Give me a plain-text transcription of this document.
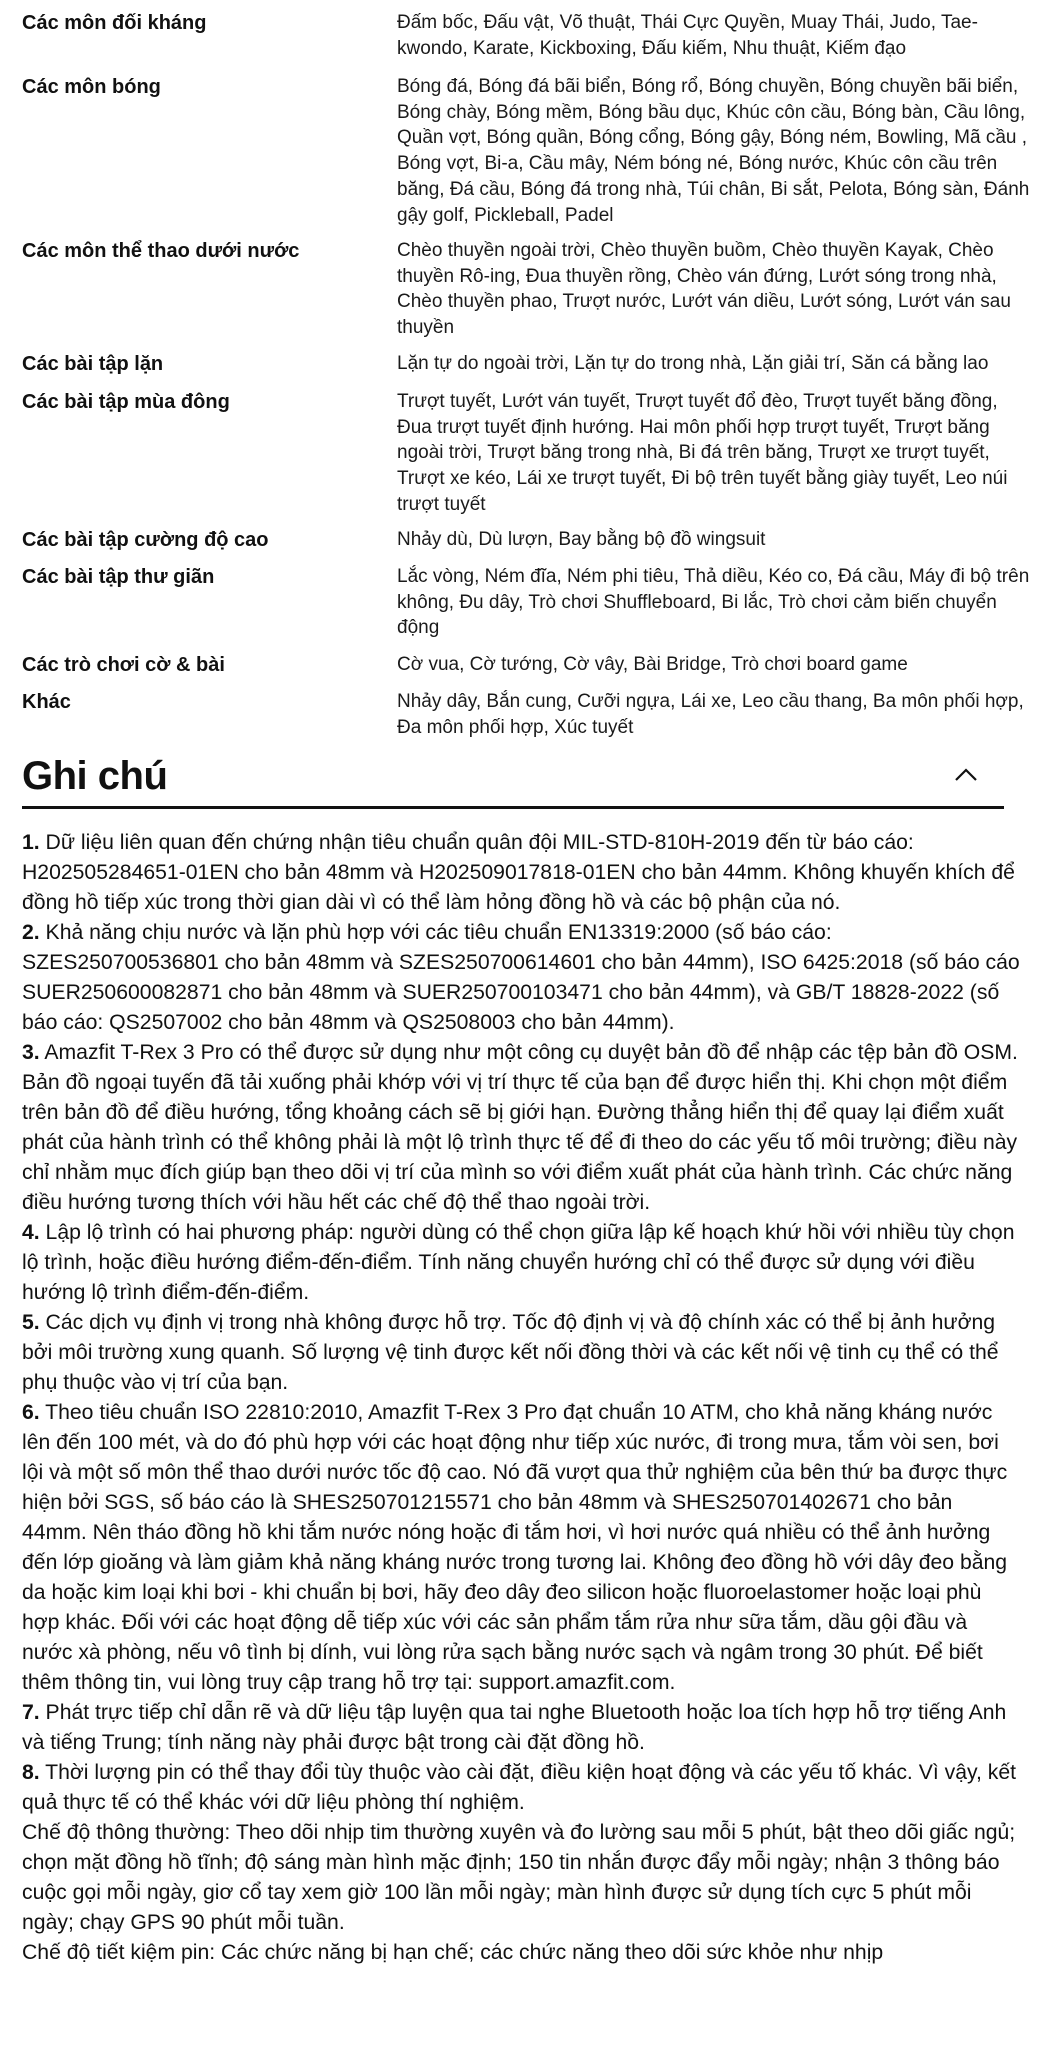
Các môn đối kháng	Đấm bốc, Đấu vật, Võ thuật, Thái Cực Quyền, Muay Thái, Judo, Tae-kwondo, Karate, Kickboxing, Đấu kiếm, Nhu thuật, Kiếm đạo
Các môn bóng	Bóng đá, Bóng đá bãi biển, Bóng rổ, Bóng chuyền, Bóng chuyền bãi biển, Bóng chày, Bóng mềm, Bóng bầu dục, Khúc côn cầu, Bóng bàn, Cầu lông, Quần vợt, Bóng quần, Bóng cổng, Bóng gậy, Bóng ném, Bowling, Mã cầu , Bóng vợt, Bi-a, Cầu mây, Ném bóng né, Bóng nước, Khúc côn cầu trên băng, Đá cầu, Bóng đá trong nhà, Túi chân, Bi sắt, Pelota, Bóng sàn, Đánh gậy golf, Pickleball, Padel
Các môn thể thao dưới nước	Chèo thuyền ngoài trời, Chèo thuyền buồm, Chèo thuyền Kayak, Chèo thuyền Rô-ing, Đua thuyền rồng, Chèo ván đứng, Lướt sóng trong nhà, Chèo thuyền phao, Trượt nước, Lướt ván diều, Lướt sóng, Lướt ván sau thuyền
Các bài tập lặn	Lặn tự do ngoài trời, Lặn tự do trong nhà, Lặn giải trí, Săn cá bằng lao
Các bài tập mùa đông	Trượt tuyết, Lướt ván tuyết, Trượt tuyết đổ đèo, Trượt tuyết băng đồng, Đua trượt tuyết định hướng. Hai môn phối hợp trượt tuyết, Trượt băng ngoài trời, Trượt băng trong nhà, Bi đá trên băng, Trượt xe trượt tuyết, Trượt xe kéo, Lái xe trượt tuyết, Đi bộ trên tuyết bằng giày tuyết, Leo núi trượt tuyết
Các bài tập cường độ cao	Nhảy dù, Dù lượn, Bay bằng bộ đồ wingsuit
Các bài tập thư giãn	Lắc vòng, Ném đĩa, Ném phi tiêu, Thả diều, Kéo co, Đá cầu, Máy đi bộ trên không, Đu dây, Trò chơi Shuffleboard, Bi lắc, Trò chơi cảm biến chuyển động
Các trò chơi cờ & bài	Cờ vua, Cờ tướng, Cờ vây, Bài Bridge, Trò chơi board game
Khác	Nhảy dây, Bắn cung, Cưỡi ngựa, Lái xe, Leo cầu thang, Ba môn phối hợp, Đa môn phối hợp, Xúc tuyết
Ghi chú
1. Dữ liệu liên quan đến chứng nhận tiêu chuẩn quân đội MIL-STD-810H-2019 đến từ báo cáo: H202505284651-01EN cho bản 48mm và H202509017818-01EN cho bản 44mm. Không khuyến khích để đồng hồ tiếp xúc trong thời gian dài vì có thể làm hỏng đồng hồ và các bộ phận của nó.
2. Khả năng chịu nước và lặn phù hợp với các tiêu chuẩn EN13319:2000 (số báo cáo: SZES250700536801 cho bản 48mm và SZES250700614601 cho bản 44mm), ISO 6425:2018 (số báo cáo SUER250600082871 cho bản 48mm và SUER250700103471 cho bản 44mm), và GB/T 18828-2022 (số báo cáo: QS2507002 cho bản 48mm và QS2508003 cho bản 44mm).
3. Amazfit T-Rex 3 Pro có thể được sử dụng như một công cụ duyệt bản đồ để nhập các tệp bản đồ OSM. Bản đồ ngoại tuyến đã tải xuống phải khớp với vị trí thực tế của bạn để được hiển thị. Khi chọn một điểm trên bản đồ để điều hướng, tổng khoảng cách sẽ bị giới hạn. Đường thẳng hiển thị để quay lại điểm xuất phát của hành trình có thể không phải là một lộ trình thực tế để đi theo do các yếu tố môi trường; điều này chỉ nhằm mục đích giúp bạn theo dõi vị trí của mình so với điểm xuất phát của hành trình. Các chức năng điều hướng tương thích với hầu hết các chế độ thể thao ngoài trời.
4. Lập lộ trình có hai phương pháp: người dùng có thể chọn giữa lập kế hoạch khứ hồi với nhiều tùy chọn lộ trình, hoặc điều hướng điểm-đến-điểm. Tính năng chuyển hướng chỉ có thể được sử dụng với điều hướng lộ trình điểm-đến-điểm.
5. Các dịch vụ định vị trong nhà không được hỗ trợ. Tốc độ định vị và độ chính xác có thể bị ảnh hưởng bởi môi trường xung quanh. Số lượng vệ tinh được kết nối đồng thời và các kết nối vệ tinh cụ thể có thể phụ thuộc vào vị trí của bạn.
6. Theo tiêu chuẩn ISO 22810:2010, Amazfit T-Rex 3 Pro đạt chuẩn 10 ATM, cho khả năng kháng nước lên đến 100 mét, và do đó phù hợp với các hoạt động như tiếp xúc nước, đi trong mưa, tắm vòi sen, bơi lội và một số môn thể thao dưới nước tốc độ cao. Nó đã vượt qua thử nghiệm của bên thứ ba được thực hiện bởi SGS, số báo cáo là SHES250701215571 cho bản 48mm và SHES250701402671 cho bản 44mm. Nên tháo đồng hồ khi tắm nước nóng hoặc đi tắm hơi, vì hơi nước quá nhiều có thể ảnh hưởng đến lớp gioăng và làm giảm khả năng kháng nước trong tương lai. Không đeo đồng hồ với dây đeo bằng da hoặc kim loại khi bơi - khi chuẩn bị bơi, hãy đeo dây đeo silicon hoặc fluoroelastomer hoặc loại phù hợp khác. Đối với các hoạt động dễ tiếp xúc với các sản phẩm tắm rửa như sữa tắm, dầu gội đầu và nước xà phòng, nếu vô tình bị dính, vui lòng rửa sạch bằng nước sạch và ngâm trong 30 phút. Để biết thêm thông tin, vui lòng truy cập trang hỗ trợ tại: support.amazfit.com.
7. Phát trực tiếp chỉ dẫn rẽ và dữ liệu tập luyện qua tai nghe Bluetooth hoặc loa tích hợp hỗ trợ tiếng Anh và tiếng Trung; tính năng này phải được bật trong cài đặt đồng hồ.
8. Thời lượng pin có thể thay đổi tùy thuộc vào cài đặt, điều kiện hoạt động và các yếu tố khác. Vì vậy, kết quả thực tế có thể khác với dữ liệu phòng thí nghiệm.
Chế độ thông thường: Theo dõi nhịp tim thường xuyên và đo lường sau mỗi 5 phút, bật theo dõi giấc ngủ; chọn mặt đồng hồ tĩnh; độ sáng màn hình mặc định; 150 tin nhắn được đẩy mỗi ngày; nhận 3 thông báo cuộc gọi mỗi ngày, giơ cổ tay xem giờ 100 lần mỗi ngày; màn hình được sử dụng tích cực 5 phút mỗi ngày; chạy GPS 90 phút mỗi tuần.
Chế độ tiết kiệm pin: Các chức năng bị hạn chế; các chức năng theo dõi sức khỏe như nhịp
